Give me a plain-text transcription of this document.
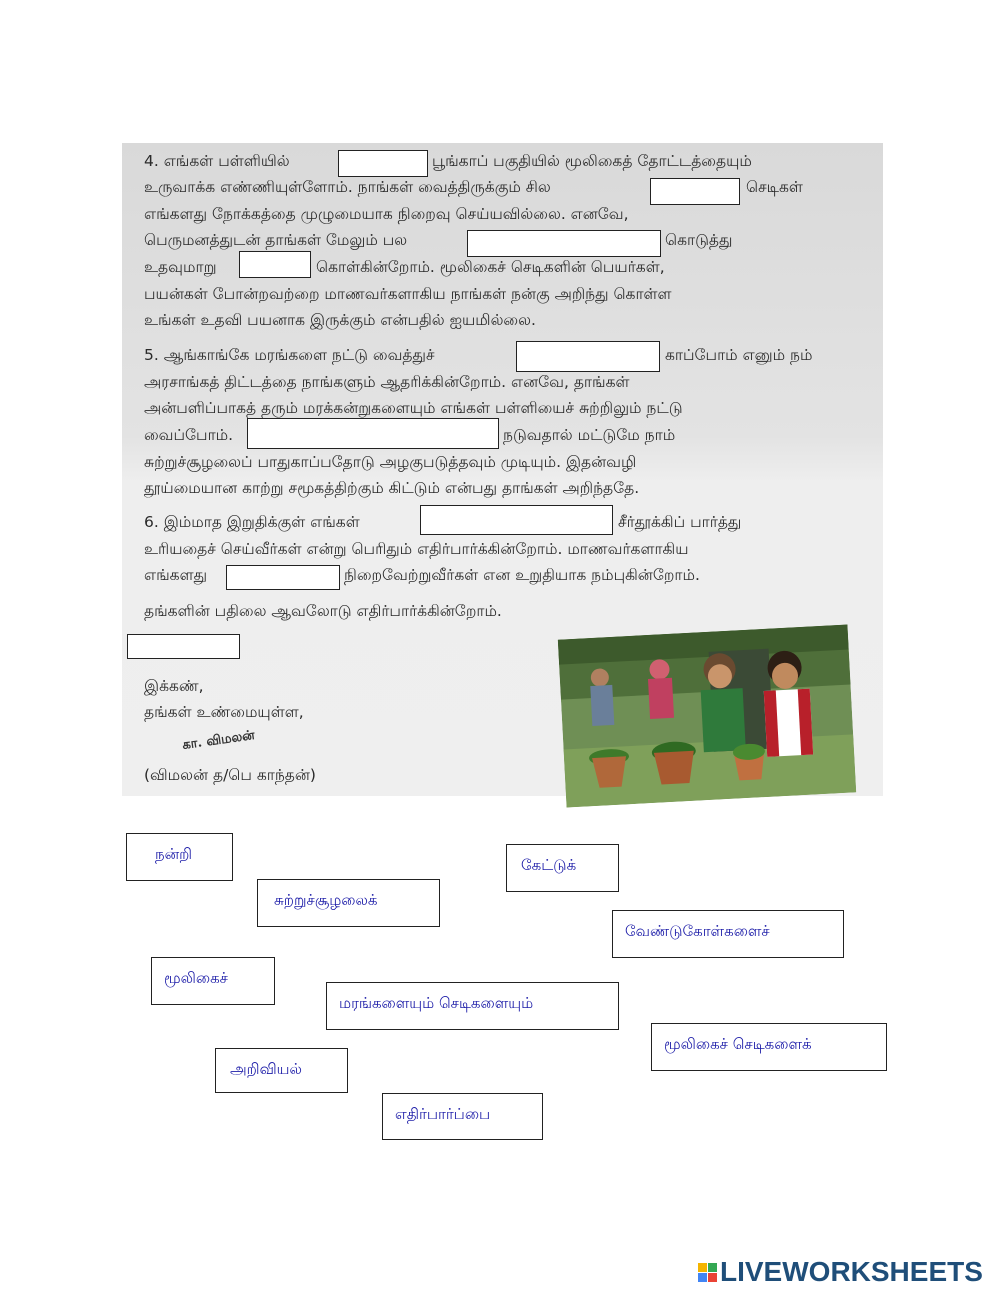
4. எங்கள் பள்ளியில்	பூங்காப் பகுதியில் மூலிகைத் தோட்டத்தையும்
உருவாக்க எண்ணியுள்ளோம். நாங்கள் வைத்திருக்கும் சில	செடிகள்
எங்களது நோக்கத்தை முழுமையாக நிறைவு செய்யவில்லை. எனவே,
பெருமனத்துடன் தாங்கள் மேலும் பல	கொடுத்து
உதவுமாறு	கொள்கின்றோம். மூலிகைச் செடிகளின் பெயர்கள்,
பயன்கள் போன்றவற்றை மாணவர்களாகிய நாங்கள் நன்கு அறிந்து கொள்ள
உங்கள் உதவி பயனாக இருக்கும் என்பதில் ஐயமில்லை.
5. ஆங்காங்கே மரங்களை நட்டு வைத்துச்	காப்போம் எனும் நம்
அரசாங்கத் திட்டத்தை நாங்களும் ஆதரிக்கின்றோம். எனவே, தாங்கள்
அன்பளிப்பாகத் தரும் மரக்கன்றுகளையும் எங்கள் பள்ளியைச் சுற்றிலும் நட்டு
வைப்போம்.	நடுவதால் மட்டுமே நாம்
சுற்றுச்சூழலைப் பாதுகாப்பதோடு அழகுபடுத்தவும் முடியும். இதன்வழி
தூய்மையான காற்று சமூகத்திற்கும் கிட்டும் என்பது தாங்கள் அறிந்ததே.
6. இம்மாத இறுதிக்குள் எங்கள்	சீர்தூக்கிப் பார்த்து
உரியதைச் செய்வீர்கள் என்று பெரிதும் எதிர்பார்க்கின்றோம். மாணவர்களாகிய
எங்களது	நிறைவேற்றுவீர்கள் என உறுதியாக நம்புகின்றோம்.
தங்களின் பதிலை ஆவலோடு எதிர்பார்க்கின்றோம்.
இக்கண்,
தங்கள் உண்மையுள்ள,
கா. விமலன்
(விமலன் த/பெ காந்தன்)
நன்றி
கேட்டுக்
சுற்றுச்சூழலைக்
வேண்டுகோள்களைச்
மூலிகைச்
மரங்களையும் செடிகளையும்
மூலிகைச் செடிகளைக்
அறிவியல்
எதிர்பார்ப்பை
LIVEWORKSHEETS
